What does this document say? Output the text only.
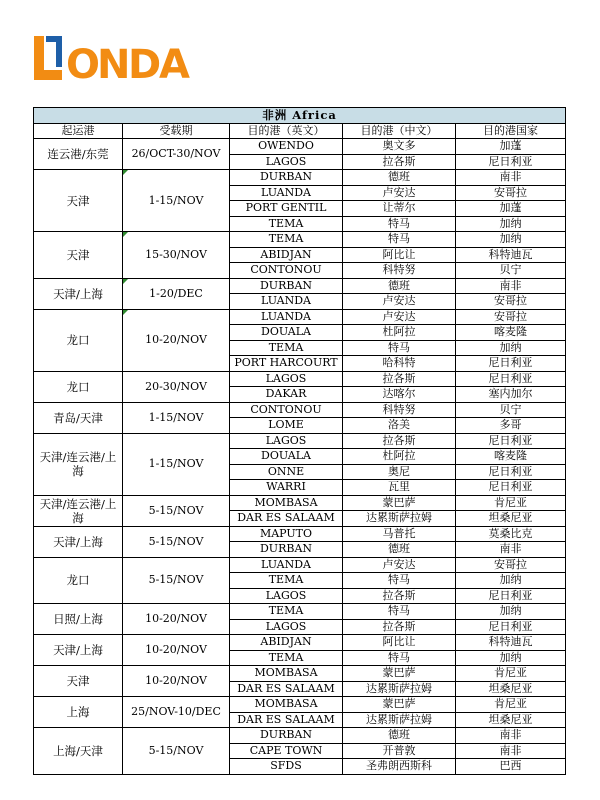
O
N
D
A
非洲 Africa				
起运港	受载期	目的港（英文）	目的港（中文）	目的港国家
连云港/东莞	26/OCT-30/NOV	OWENDO	奥文多	加蓬
		LAGOS	拉各斯	尼日利亚
天津	1-15/NOV	DURBAN	德班	南非
		LUANDA	卢安达	安哥拉
		PORT GENTIL	让蒂尔	加蓬
		TEMA	特马	加纳
天津	15-30/NOV	TEMA	特马	加纳
		ABIDJAN	阿比让	科特迪瓦
		CONTONOU	科特努	贝宁
天津/上海	1-20/DEC	DURBAN	德班	南非
		LUANDA	卢安达	安哥拉
龙口	10-20/NOV	LUANDA	卢安达	安哥拉
		DOUALA	杜阿拉	喀麦隆
		TEMA	特马	加纳
		PORT HARCOURT	哈科特	尼日利亚
龙口	20-30/NOV	LAGOS	拉各斯	尼日利亚
		DAKAR	达喀尔	塞内加尔
青岛/天津	1-15/NOV	CONTONOU	科特努	贝宁
		LOME	洛美	多哥
天津/连云港/上海	1-15/NOV	LAGOS	拉各斯	尼日利亚
		DOUALA	杜阿拉	喀麦隆
		ONNE	奥尼	尼日利亚
		WARRI	瓦里	尼日利亚
天津/连云港/上海	5-15/NOV	MOMBASA	蒙巴萨	肯尼亚
		DAR ES SALAAM	达累斯萨拉姆	坦桑尼亚
天津/上海	5-15/NOV	MAPUTO	马普托	莫桑比克
		DURBAN	德班	南非
龙口	5-15/NOV	LUANDA	卢安达	安哥拉
		TEMA	特马	加纳
		LAGOS	拉各斯	尼日利亚
日照/上海	10-20/NOV	TEMA	特马	加纳
		LAGOS	拉各斯	尼日利亚
天津/上海	10-20/NOV	ABIDJAN	阿比让	科特迪瓦
		TEMA	特马	加纳
天津	10-20/NOV	MOMBASA	蒙巴萨	肯尼亚
		DAR ES SALAAM	达累斯萨拉姆	坦桑尼亚
上海	25/NOV-10/DEC	MOMBASA	蒙巴萨	肯尼亚
		DAR ES SALAAM	达累斯萨拉姆	坦桑尼亚
上海/天津	5-15/NOV	DURBAN	德班	南非
		CAPE TOWN	开普敦	南非
		SFDS	圣弗朗西斯科	巴西
